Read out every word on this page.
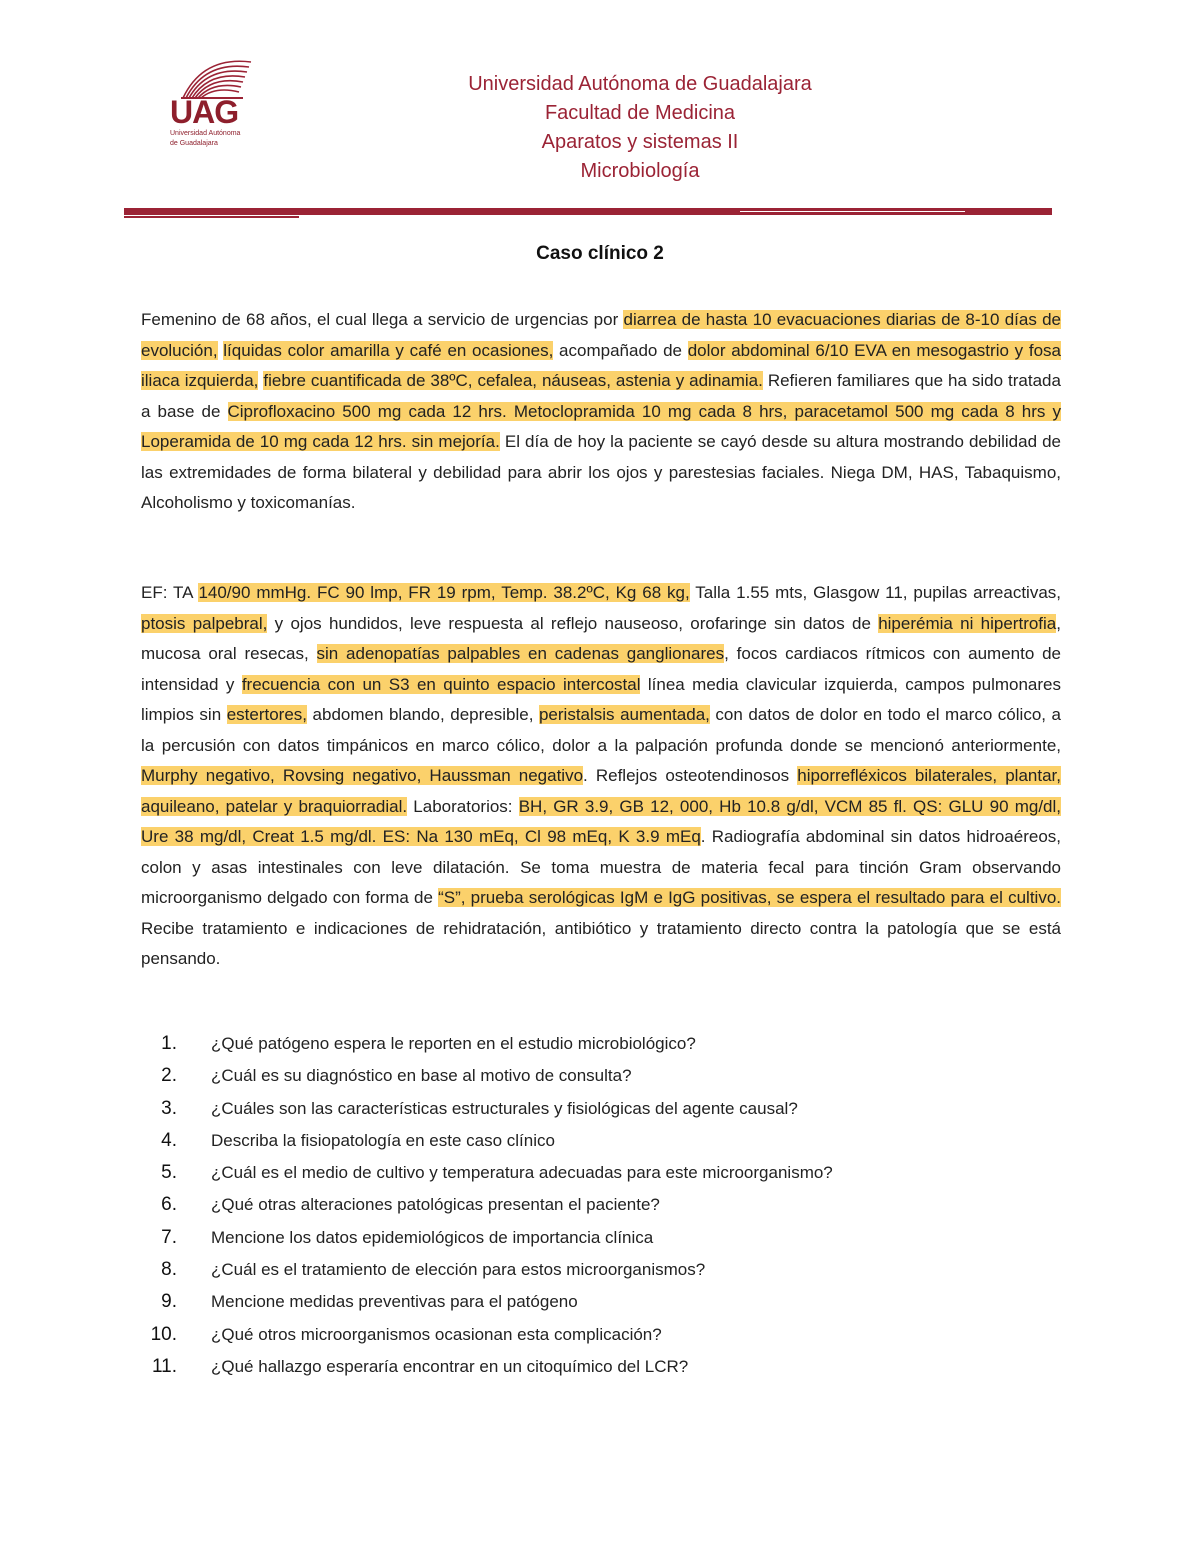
UAG
Universidad Autónoma
de Guadalajara
Universidad Autónoma de Guadalajara
Facultad de Medicina
Aparatos y sistemas II
Microbiología
Caso clínico 2
Femenino de 68 años, el cual llega a servicio de urgencias por diarrea de hasta 10 evacuaciones diarias de 8-10 días de evolución, líquidas color amarilla y café en ocasiones, acompañado de dolor abdominal 6/10 EVA en mesogastrio y fosa iliaca izquierda, fiebre cuantificada de 38ºC, cefalea, náuseas, astenia y adinamia. Refieren familiares que ha sido tratada a base de Ciprofloxacino 500 mg cada 12 hrs. Metoclopramida 10 mg cada 8 hrs, paracetamol 500 mg cada 8 hrs y Loperamida de 10 mg cada 12 hrs. sin mejoría. El día de hoy la paciente se cayó desde su altura mostrando debilidad de las extremidades de forma bilateral y debilidad para abrir los ojos y parestesias faciales. Niega DM, HAS, Tabaquismo, Alcoholismo y toxicomanías.
EF: TA 140/90 mmHg. FC 90 lmp, FR 19 rpm, Temp. 38.2ºC, Kg 68 kg, Talla 1.55 mts, Glasgow 11, pupilas arreactivas, ptosis palpebral, y ojos hundidos, leve respuesta al reflejo nauseoso, orofaringe sin datos de hiperémia ni hipertrofia, mucosa oral resecas, sin adenopatías palpables en cadenas ganglionares, focos cardiacos rítmicos con aumento de intensidad y frecuencia con un S3 en quinto espacio intercostal línea media clavicular izquierda, campos pulmonares limpios sin estertores, abdomen blando, depresible, peristalsis aumentada, con datos de dolor en todo el marco cólico, a la percusión con datos timpánicos en marco cólico, dolor a la palpación profunda donde se mencionó anteriormente, Murphy negativo, Rovsing negativo, Haussman negativo. Reflejos osteotendinosos hiporrefléxicos bilaterales, plantar, aquileano, patelar y braquiorradial. Laboratorios: BH, GR 3.9, GB 12, 000, Hb 10.8 g/dl, VCM 85 fl. QS: GLU 90 mg/dl, Ure 38 mg/dl, Creat 1.5 mg/dl. ES: Na 130 mEq, Cl 98 mEq, K 3.9 mEq. Radiografía abdominal sin datos hidroaéreos, colon y asas intestinales con leve dilatación. Se toma muestra de materia fecal para tinción Gram observando microorganismo delgado con forma de “S”, prueba serológicas IgM e IgG positivas, se espera el resultado para el cultivo. Recibe tratamiento e indicaciones de rehidratación, antibiótico y tratamiento directo contra la patología que se está pensando.
1.	¿Qué patógeno espera le reporten en el estudio microbiológico?
2.	¿Cuál es su diagnóstico en base al motivo de consulta?
3.	¿Cuáles son las características estructurales y fisiológicas del agente causal?
4.	Describa la fisiopatología en este caso clínico
5.	¿Cuál es el medio de cultivo y temperatura adecuadas para este microorganismo?
6.	¿Qué otras alteraciones patológicas presentan el paciente?
7.	Mencione los datos epidemiológicos de importancia clínica
8.	¿Cuál es el tratamiento de elección para estos microorganismos?
9.	Mencione medidas preventivas para el patógeno
10.	¿Qué otros microorganismos ocasionan esta complicación?
11.	¿Qué hallazgo esperaría encontrar en un citoquímico del LCR?
